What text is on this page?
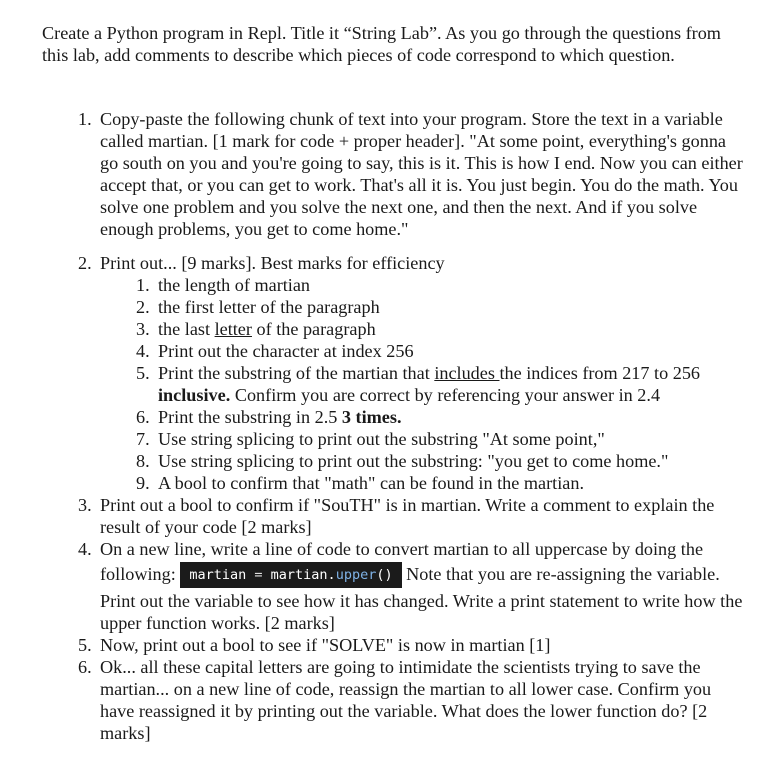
Create a Python program in Repl. Title it “String Lab”. As you go through the questions from this lab, add comments to describe which pieces of code correspond to which question.

1. Copy-paste the following chunk of text into your program. Store the text in a variable called martian. [1 mark for code + proper header]. "At some point, everything's gonna go south on you and you're going to say, this is it. This is how I end. Now you can either accept that, or you can get to work. That's all it is. You just begin. You do the math. You solve one problem and you solve the next one, and then the next. And if you solve enough problems, you get to come home."
2. Print out... [9 marks]. Best marks for efficiency
1. the length of martian
2. the first letter of the paragraph
3. the last letter of the paragraph
4. Print out the character at index 256
5. Print the substring of the martian that includes the indices from 217 to 256 inclusive. Confirm you are correct by referencing your answer in 2.4
6. Print the substring in 2.5 3 times.
7. Use string splicing to print out the substring "At some point,"
8. Use string splicing to print out the substring: "you get to come home."
9. A bool to confirm that "math" can be found in the martian.
3. Print out a bool to confirm if "SouTH" is in martian. Write a comment to explain the result of your code [2 marks]
4. On a new line, write a line of code to convert martian to all uppercase by doing the following: martian = martian.upper() Note that you are re-assigning the variable. Print out the variable to see how it has changed. Write a print statement to write how the upper function works. [2 marks]
5. Now, print out a bool to see if "SOLVE" is now in martian [1]
6. Ok... all these capital letters are going to intimidate the scientists trying to save the martian... on a new line of code, reassign the martian to all lower case. Confirm you have reassigned it by printing out the variable. What does the lower function do? [2 marks]
